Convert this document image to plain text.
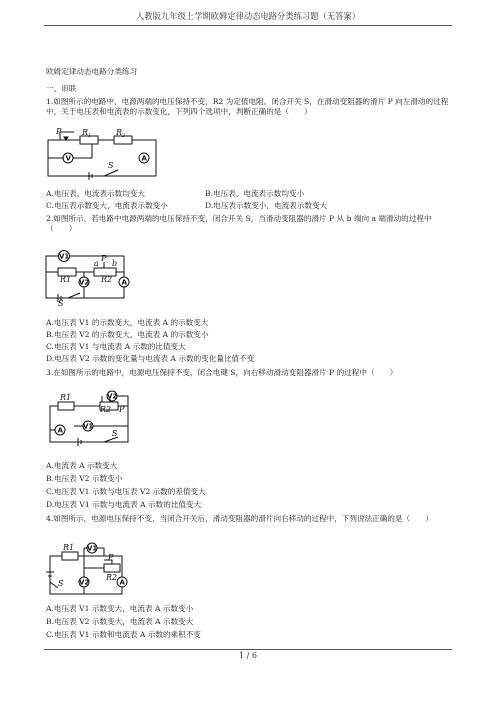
人教版九年级上学期欧姆定律动态电路分类练习题（无答案）
欧姆定律动态电路分类练习
一、串联
1.如图所示的电路中，电源两端的电压保持不变，R2 为定值电阻。闭合开关 S，在滑动变阻器的滑片 P 向左滑动的过程中，关于电压表和电流表的示数变化，下列四个选项中，判断正确的是（　　）
P
V
$R_1$	$R_2$
A
S
A.电压表、电流表示数均变大	B.电压表、电流表示数均变小
C.电压表示数变大，电流表示数变小	D.电压表示数变小，电流表示数变大
2.如图所示，若电路中电源两端的电压保持不变，闭合开关 S，当滑动变阻器的滑片 P 从 b 端向 a 端滑动的过程中（　　）
V1	P
a b
R1	R2
V2	A
S
A.电压表 V1 的示数变大，电流表 A 的示数变大
B.电压表 V2 的示数变大，电流表 A 的示数变小
C.电压表 V1 与电流表 A 示数的比值变大
D.电压表 V2 示数的变化量与电流表 A 示数的变化量比值不变
3.在如图所示的电路中，电源电压保持不变，闭合电键 S，向右移动滑动变阻器滑片 P 的过程中（　　）
V2
R1
R2 P
A	V1
S
A.电流表 A 示数变大
B.电压表 V2 示数变小
C.电压表 V1 示数与电压表 V2 示数的差值变大
D.电压表 V1 示数与电流表 A 示数的比值变大
4.如图所示，电源电压保持不变，当闭合开关后，滑动变阻器的滑片向右移动的过程中，下列说法正确的是（　　）
R1 V1
P
R2
V2	A
S
A.电压表 V1 示数变大，电流表 A 示数变小
B.电压表 V2 示数变大，电流表 A 示数变大
C.电压表 V1 示数和电流表 A 示数的乘积不变
1 / 6
